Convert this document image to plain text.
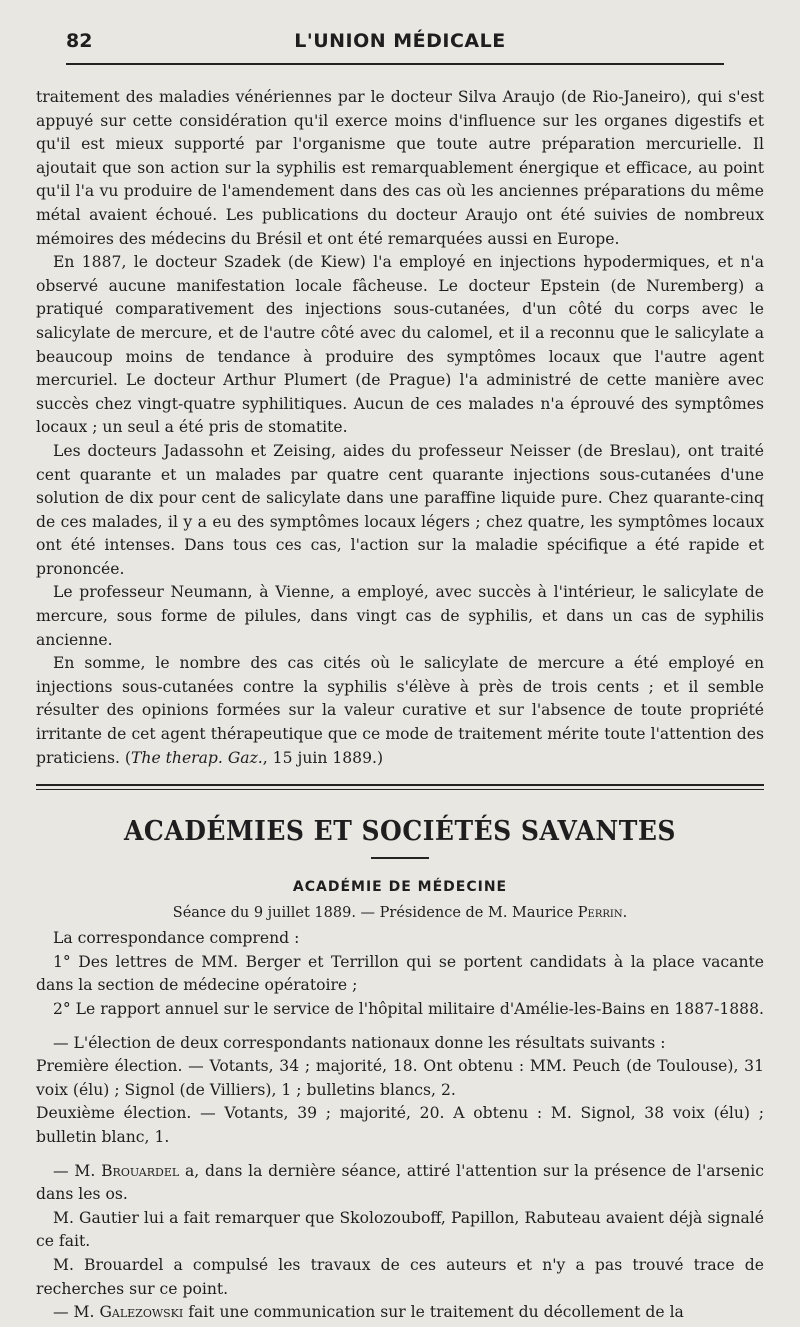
82	L'UNION MÉDICALE

traitement des maladies vénériennes par le docteur Silva Araujo (de Rio-Janeiro), qui s'est appuyé sur cette considération qu'il exerce moins d'influence sur les organes digestifs et qu'il est mieux supporté par l'organisme que toute autre préparation mercurielle. Il ajoutait que son action sur la syphilis est remarquablement énergique et efficace, au point qu'il l'a vu produire de l'amendement dans des cas où les anciennes préparations du même métal avaient échoué. Les publications du docteur Araujo ont été suivies de nombreux mémoires des médecins du Brésil et ont été remarquées aussi en Europe.

En 1887, le docteur Szadek (de Kiew) l'a employé en injections hypodermiques, et n'a observé aucune manifestation locale fâcheuse. Le docteur Epstein (de Nuremberg) a pratiqué comparativement des injections sous-cutanées, d'un côté du corps avec le salicylate de mercure, et de l'autre côté avec du calomel, et il a reconnu que le salicylate a beaucoup moins de tendance à produire des symptômes locaux que l'autre agent mercuriel. Le docteur Arthur Plumert (de Prague) l'a administré de cette manière avec succès chez vingt-quatre syphilitiques. Aucun de ces malades n'a éprouvé des symptômes locaux ; un seul a été pris de stomatite.

Les docteurs Jadassohn et Zeising, aides du professeur Neisser (de Breslau), ont traité cent quarante et un malades par quatre cent quarante injections sous-cutanées d'une solution de dix pour cent de salicylate dans une paraffine liquide pure. Chez quarante-cinq de ces malades, il y a eu des symptômes locaux légers ; chez quatre, les symptômes locaux ont été intenses. Dans tous ces cas, l'action sur la maladie spécifique a été rapide et prononcée.

Le professeur Neumann, à Vienne, a employé, avec succès à l'intérieur, le salicylate de mercure, sous forme de pilules, dans vingt cas de syphilis, et dans un cas de syphilis ancienne.

En somme, le nombre des cas cités où le salicylate de mercure a été employé en injections sous-cutanées contre la syphilis s'élève à près de trois cents ; et il semble résulter des opinions formées sur la valeur curative et sur l'absence de toute propriété irritante de cet agent thérapeutique que ce mode de traitement mérite toute l'attention des praticiens. (The therap. Gaz., 15 juin 1889.)

ACADÉMIES ET SOCIÉTÉS SAVANTES
ACADÉMIE DE MÉDECINE

Séance du 9 juillet 1889. — Présidence de M. Maurice Perrin.

La correspondance comprend :

1° Des lettres de MM. Berger et Terrillon qui se portent candidats à la place vacante dans la section de médecine opératoire ;

2° Le rapport annuel sur le service de l'hôpital militaire d'Amélie-les-Bains en 1887-1888.

— L'élection de deux correspondants nationaux donne les résultats suivants :

Première élection. — Votants, 34 ; majorité, 18. Ont obtenu : MM. Peuch (de Toulouse), 31 voix (élu) ; Signol (de Villiers), 1 ; bulletins blancs, 2.

Deuxième élection. — Votants, 39 ; majorité, 20. A obtenu : M. Signol, 38 voix (élu) ; bulletin blanc, 1.

— M. Brouardel a, dans la dernière séance, attiré l'attention sur la présence de l'arsenic dans les os.

M. Gautier lui a fait remarquer que Skolozouboff, Papillon, Rabuteau avaient déjà signalé ce fait.

M. Brouardel a compulsé les travaux de ces auteurs et n'y a pas trouvé trace de recherches sur ce point.

— M. Galezowski fait une communication sur le traitement du décollement de la
